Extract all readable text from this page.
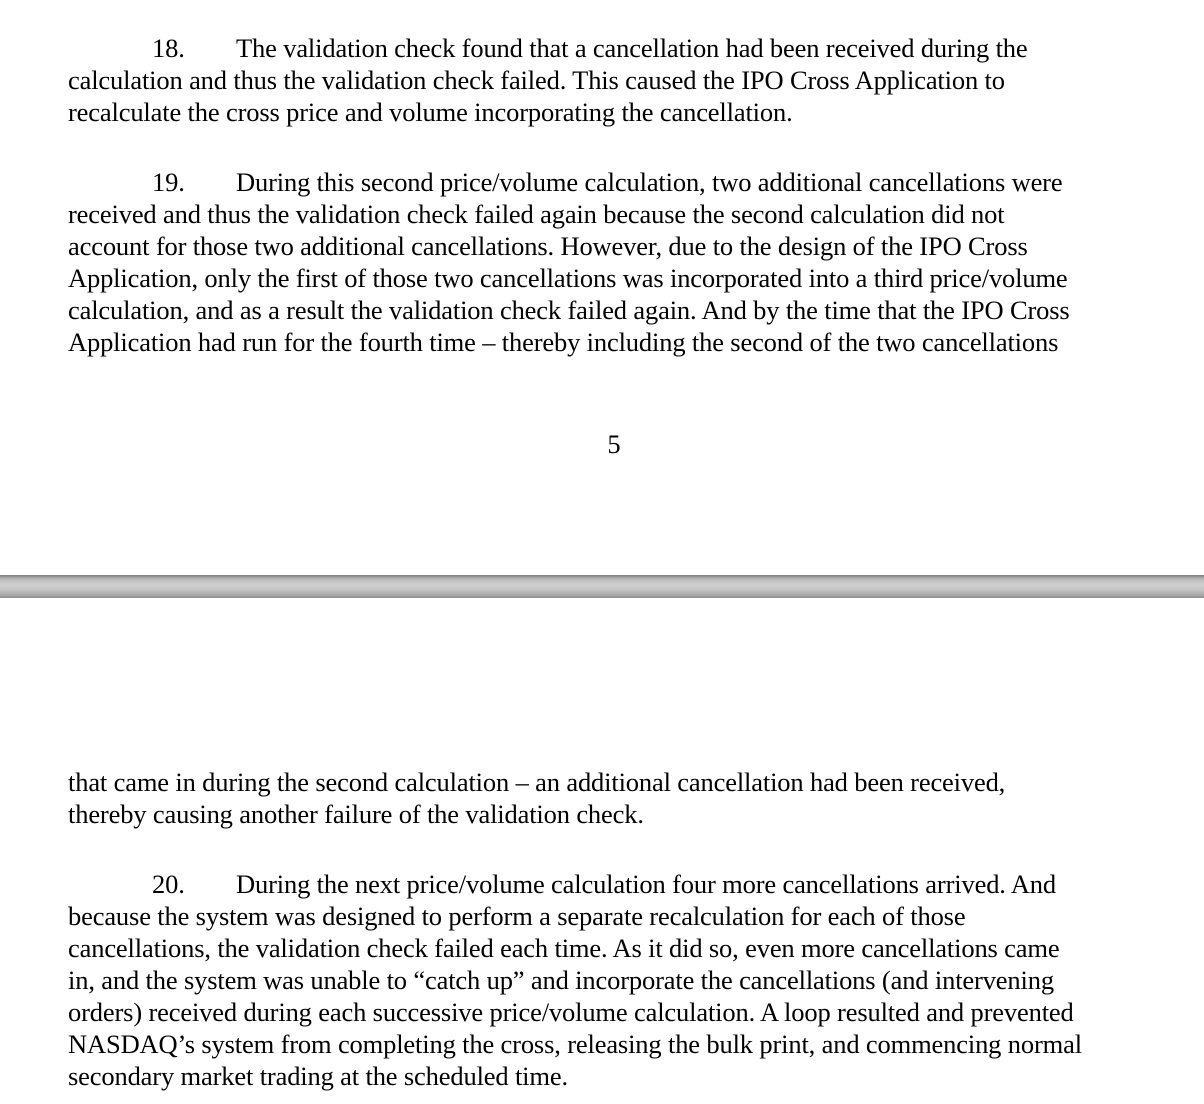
18. The validation check found that a cancellation had been received during the
calculation and thus the validation check failed. This caused the IPO Cross Application to
recalculate the cross price and volume incorporating the cancellation.
19. During this second price/volume calculation, two additional cancellations were
received and thus the validation check failed again because the second calculation did not
account for those two additional cancellations. However, due to the design of the IPO Cross
Application, only the first of those two cancellations was incorporated into a third price/volume
calculation, and as a result the validation check failed again. And by the time that the IPO Cross
Application had run for the fourth time – thereby including the second of the two cancellations
5
that came in during the second calculation – an additional cancellation had been received,
thereby causing another failure of the validation check.
20. During the next price/volume calculation four more cancellations arrived. And
because the system was designed to perform a separate recalculation for each of those
cancellations, the validation check failed each time. As it did so, even more cancellations came
in, and the system was unable to “catch up” and incorporate the cancellations (and intervening
orders) received during each successive price/volume calculation. A loop resulted and prevented
NASDAQ’s system from completing the cross, releasing the bulk print, and commencing normal
secondary market trading at the scheduled time.
